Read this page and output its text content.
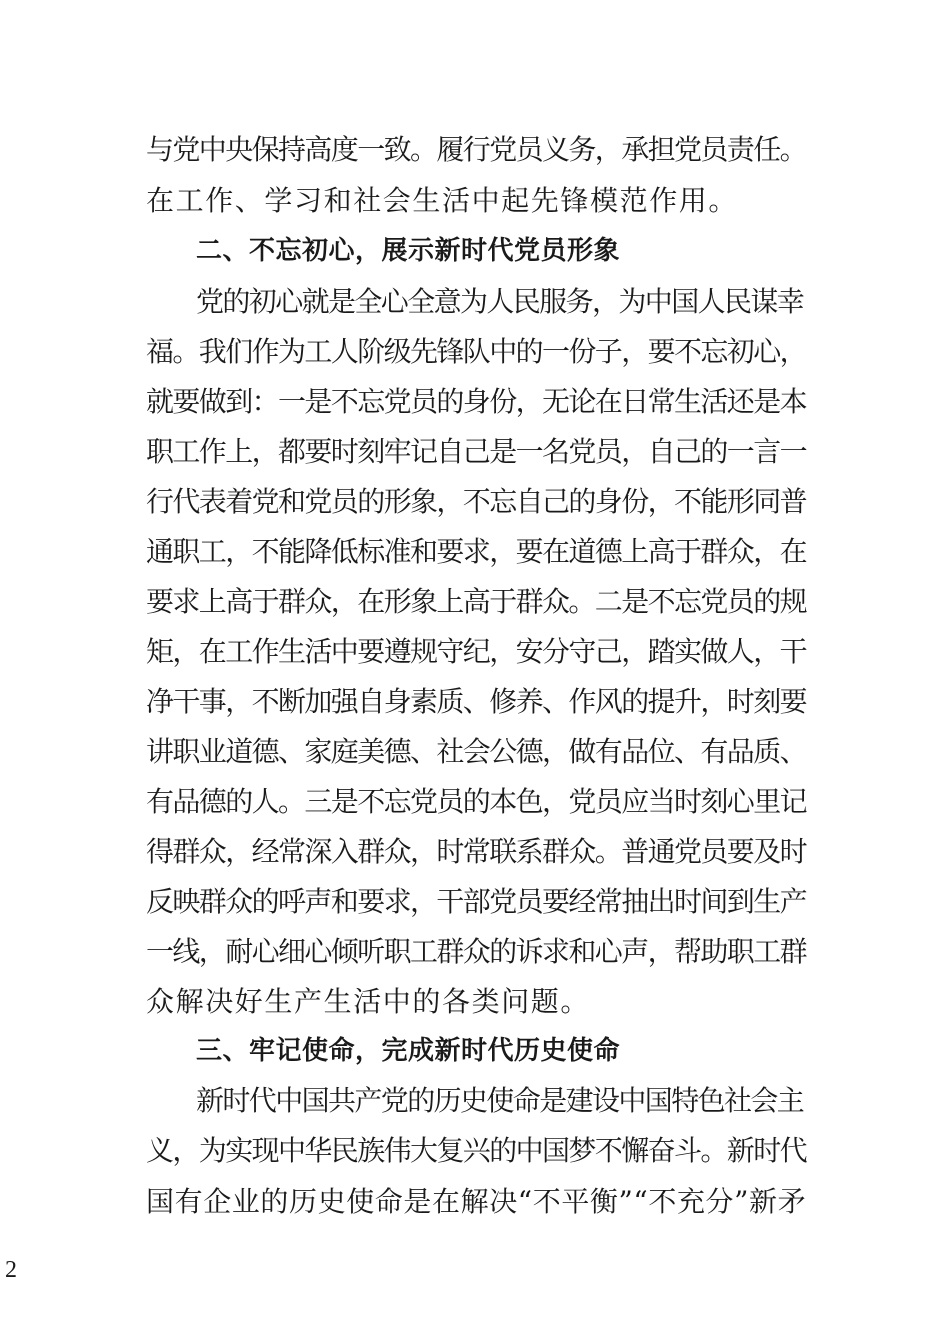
与党中央保持高度一致。履行党员义务，承担党员责任。
在工作、学习和社会生活中起先锋模范作用。
二、不忘初心，展示新时代党员形象
党的初心就是全心全意为人民服务，为中国人民谋幸
福。我们作为工人阶级先锋队中的一份子，要不忘初心，
就要做到：一是不忘党员的身份，无论在日常生活还是本
职工作上，都要时刻牢记自己是一名党员，自己的一言一
行代表着党和党员的形象，不忘自己的身份，不能形同普
通职工，不能降低标准和要求，要在道德上高于群众，在
要求上高于群众，在形象上高于群众。二是不忘党员的规
矩，在工作生活中要遵规守纪，安分守己，踏实做人，干
净干事，不断加强自身素质、修养、作风的提升，时刻要
讲职业道德、家庭美德、社会公德，做有品位、有品质、
有品德的人。三是不忘党员的本色，党员应当时刻心里记
得群众，经常深入群众，时常联系群众。普通党员要及时
反映群众的呼声和要求，干部党员要经常抽出时间到生产
一线，耐心细心倾听职工群众的诉求和心声，帮助职工群
众解决好生产生活中的各类问题。
三、牢记使命，完成新时代历史使命
新时代中国共产党的历史使命是建设中国特色社会主
义，为实现中华民族伟大复兴的中国梦不懈奋斗。新时代
国有企业的历史使命是在解决“不平衡”“不充分”新矛
2
